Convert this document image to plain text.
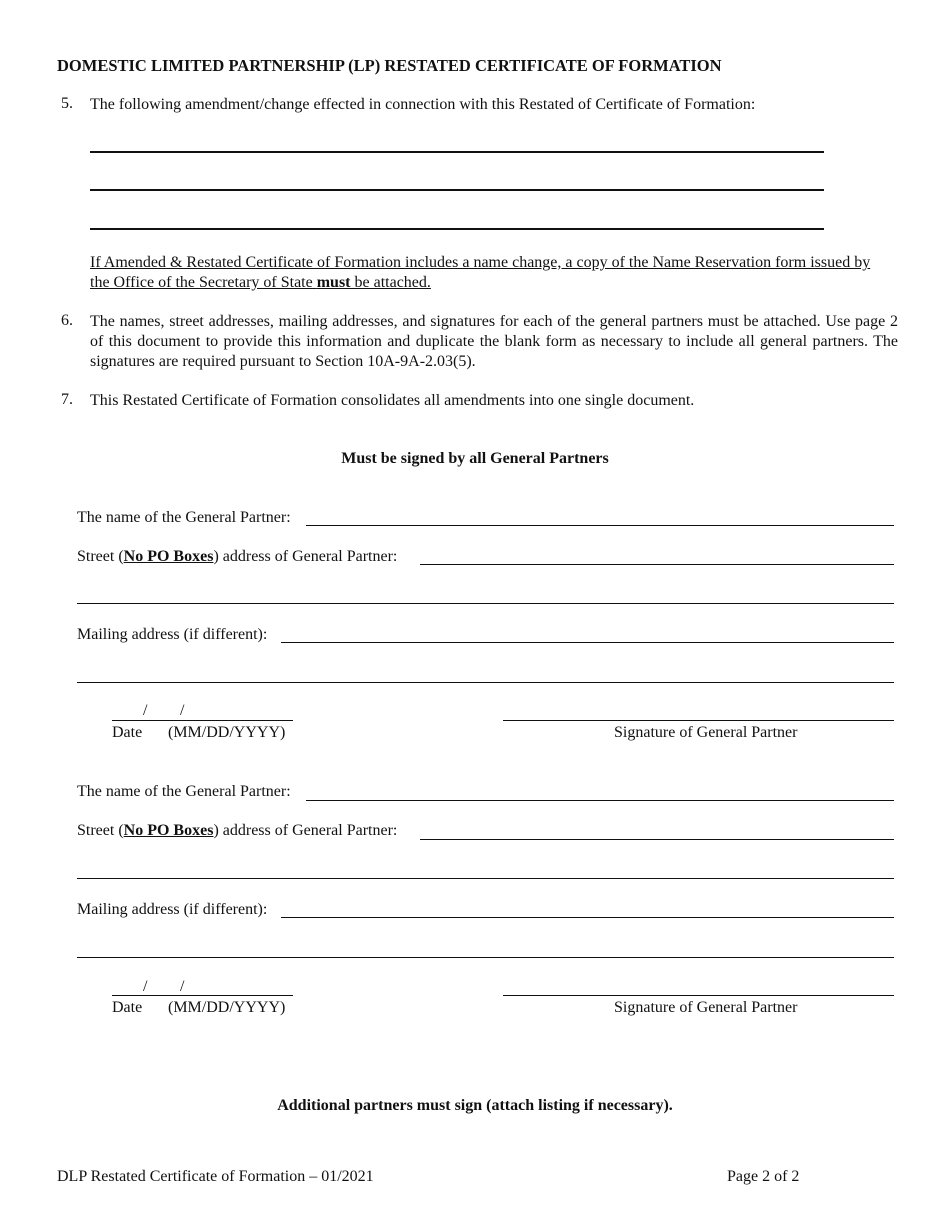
DOMESTIC LIMITED PARTNERSHIP (LP) RESTATED CERTIFICATE OF FORMATION
5. The following amendment/change effected in connection with this Restated of Certificate of Formation:
If Amended & Restated Certificate of Formation includes a name change, a copy of the Name Reservation form issued by the Office of the Secretary of State must be attached.
6. The names, street addresses, mailing addresses, and signatures for each of the general partners must be attached. Use page 2 of this document to provide this information and duplicate the blank form as necessary to include all general partners. The signatures are required pursuant to Section 10A-9A-2.03(5).
7. This Restated Certificate of Formation consolidates all amendments into one single document.
Must be signed by all General Partners
The name of the General Partner:
Street (No PO Boxes) address of General Partner:
Mailing address (if different):
/ /
Date (MM/DD/YYYY)	Signature of General Partner
The name of the General Partner:
Street (No PO Boxes) address of General Partner:
Mailing address (if different):
/ /
Date (MM/DD/YYYY)	Signature of General Partner
Additional partners must sign (attach listing if necessary).
DLP Restated Certificate of Formation – 01/2021	Page 2 of 2
